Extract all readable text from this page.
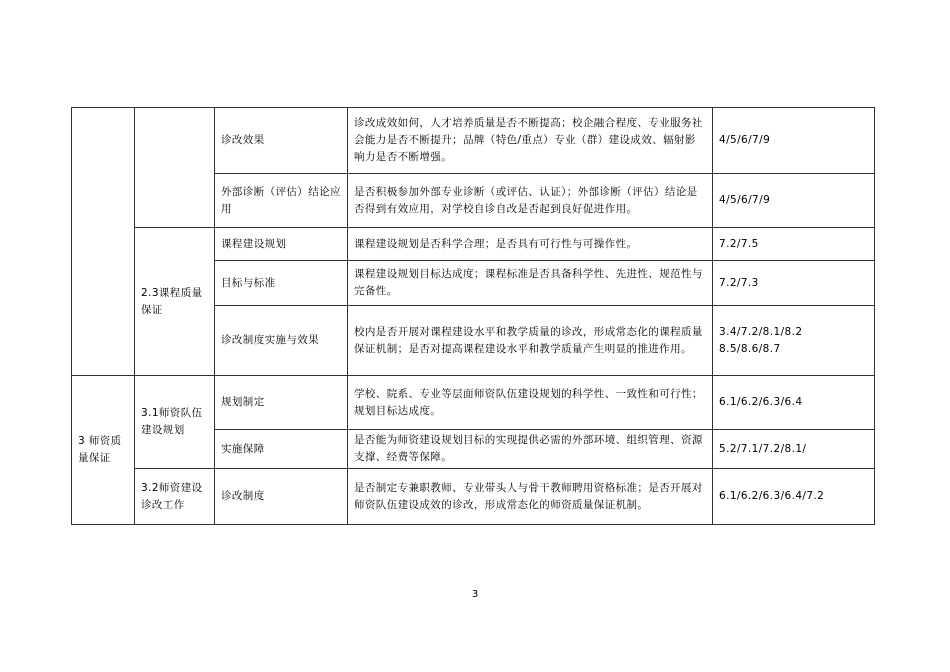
		诊改效果	诊改成效如何，人才培养质量是否不断提高；校企融合程度、专业服务社会能力是否不断提升；品牌（特色/重点）专业（群）建设成效、辐射影响力是否不断增强。	4/5/6/7/9
		外部诊断（评估）结论应用	是否积极参加外部专业诊断（或评估、认证）；外部诊断（评估）结论是否得到有效应用，对学校自诊自改是否起到良好促进作用。	4/5/6/7/9
	2.3课程质量保证	课程建设规划	课程建设规划是否科学合理；是否具有可行性与可操作性。	7.2/7.5
		目标与标准	课程建设规划目标达成度；课程标准是否具备科学性、先进性、规范性与完备性。	7.2/7.3
		诊改制度实施与效果	校内是否开展对课程建设水平和教学质量的诊改，形成常态化的课程质量保证机制；是否对提高课程建设水平和教学质量产生明显的推进作用。	3.4/7.2/8.1/8.2
8.5/8.6/8.7

3 师资质量保证	3.1师资队伍建设规划	规划制定	学校、院系、专业等层面师资队伍建设规划的科学性、一致性和可行性；规划目标达成度。	6.1/6.2/6.3/6.4
		实施保障	是否能为师资建设规划目标的实现提供必需的外部环境、组织管理、资源支撑、经费等保障。	5.2/7.1/7.2/8.1/
	3.2师资建设诊改工作	诊改制度	是否制定专兼职教师、专业带头人与骨干教师聘用资格标准；是否开展对师资队伍建设成效的诊改，形成常态化的师资质量保证机制。	6.1/6.2/6.3/6.4/7.2
3
